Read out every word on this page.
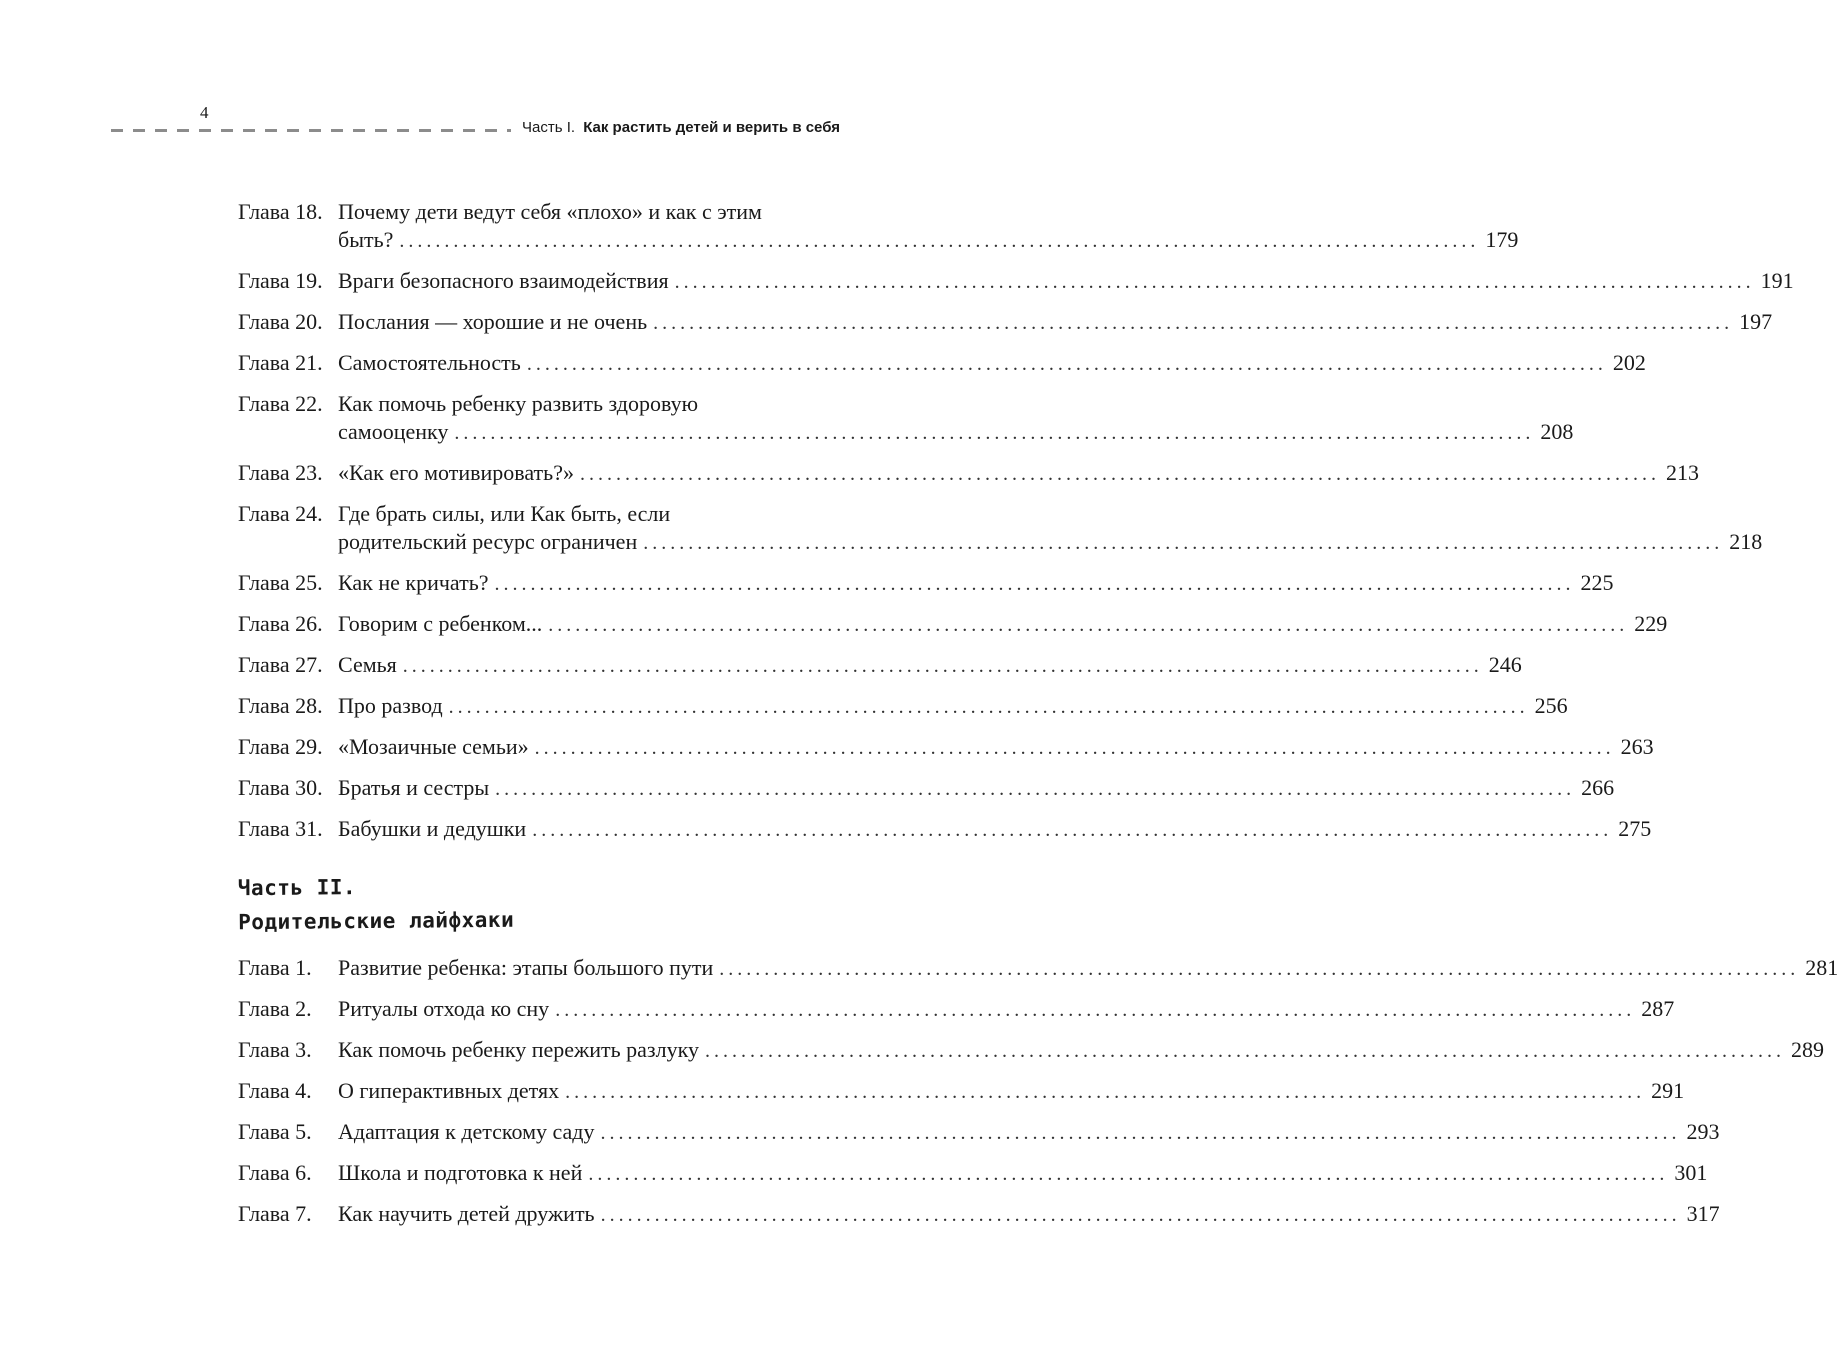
4
Часть I. Как растить детей и верить в себя
Глава 18. Почему дети ведут себя «плохо» и как с этим
быть? ........................................................................................................................ 179
Глава 19. Враги безопасного взаимодействия ........................................................................................................................ 191
Глава 20. Послания — хорошие и не очень ........................................................................................................................ 197
Глава 21. Самостоятельность ........................................................................................................................ 202
Глава 22. Как помочь ребенку развить здоровую
самооценку ........................................................................................................................ 208
Глава 23. «Как его мотивировать?» ........................................................................................................................ 213
Глава 24. Где брать силы, или Как быть, если
родительский ресурс ограничен ........................................................................................................................ 218
Глава 25. Как не кричать? ........................................................................................................................ 225
Глава 26. Говорим с ребенком... ........................................................................................................................ 229
Глава 27. Семья ........................................................................................................................ 246
Глава 28. Про развод ........................................................................................................................ 256
Глава 29. «Мозаичные семьи» ........................................................................................................................ 263
Глава 30. Братья и сестры ........................................................................................................................ 266
Глава 31. Бабушки и дедушки ........................................................................................................................ 275
Часть II.
Родительские лайфхаки
Глава 1.	Развитие ребенка: этапы большого пути ........................................................................................................................ 281
Глава 2.	Ритуалы отхода ко сну ........................................................................................................................ 287
Глава 3.	Как помочь ребенку пережить разлуку ........................................................................................................................ 289
Глава 4.	О гиперактивных детях ........................................................................................................................ 291
Глава 5.	Адаптация к детскому саду ........................................................................................................................ 293
Глава 6.	Школа и подготовка к ней ........................................................................................................................ 301
Глава 7.	Как научить детей дружить ........................................................................................................................ 317
